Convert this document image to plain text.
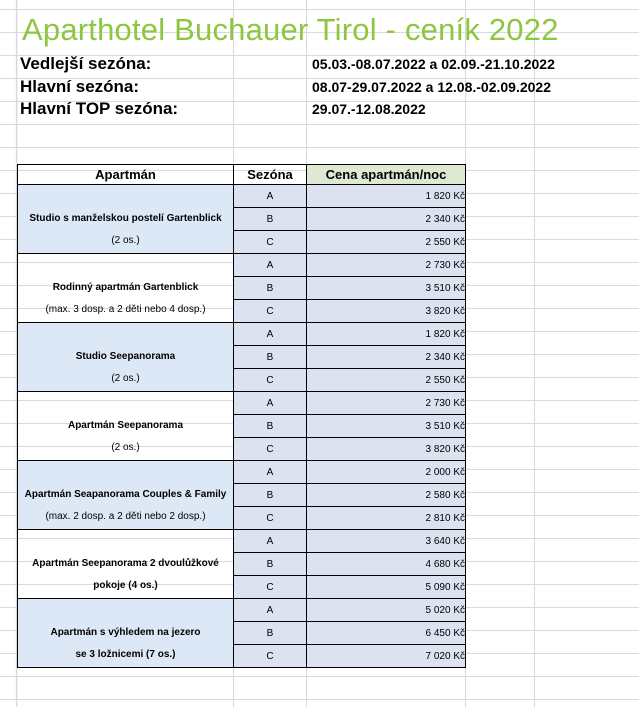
Aparthotel Buchauer Tirol - ceník 2022
Vedlejší sezóna:	05.03.-08.07.2022 a 02.09.-21.10.2022
Hlavní sezóna:	08.07-29.07.2022 a 12.08.-02.09.2022
Hlavní TOP sezóna:	29.07.-12.08.2022
Apartmán	Sezóna	Cena apartmán/noc

Studio s manželskou postelí Gartenblick
(2 os.)	A	1 820 Kč
	B	2 340 Kč
	C	2 550 Kč

Rodinný apartmán Gartenblick
(max. 3 dosp. a 2 děti nebo 4 dosp.)	A	2 730 Kč
	B	3 510 Kč
	C	3 820 Kč

Studio Seepanorama
(2 os.)	A	1 820 Kč
	B	2 340 Kč
	C	2 550 Kč

Apartmán Seepanorama
(2 os.)	A	2 730 Kč
	B	3 510 Kč
	C	3 820 Kč

Apartmán Seapanorama Couples & Family
(max. 2 dosp. a 2 děti nebo 2 dosp.)	A	2 000 Kč
	B	2 580 Kč
	C	2 810 Kč

Apartmán Seepanorama 2 dvoulůžkové
pokoje (4 os.)	A	3 640 Kč
	B	4 680 Kč
	C	5 090 Kč

Apartmán s výhledem na jezero
se 3 ložnicemi (7 os.)	A	5 020 Kč
	B	6 450 Kč
	C	7 020 Kč
